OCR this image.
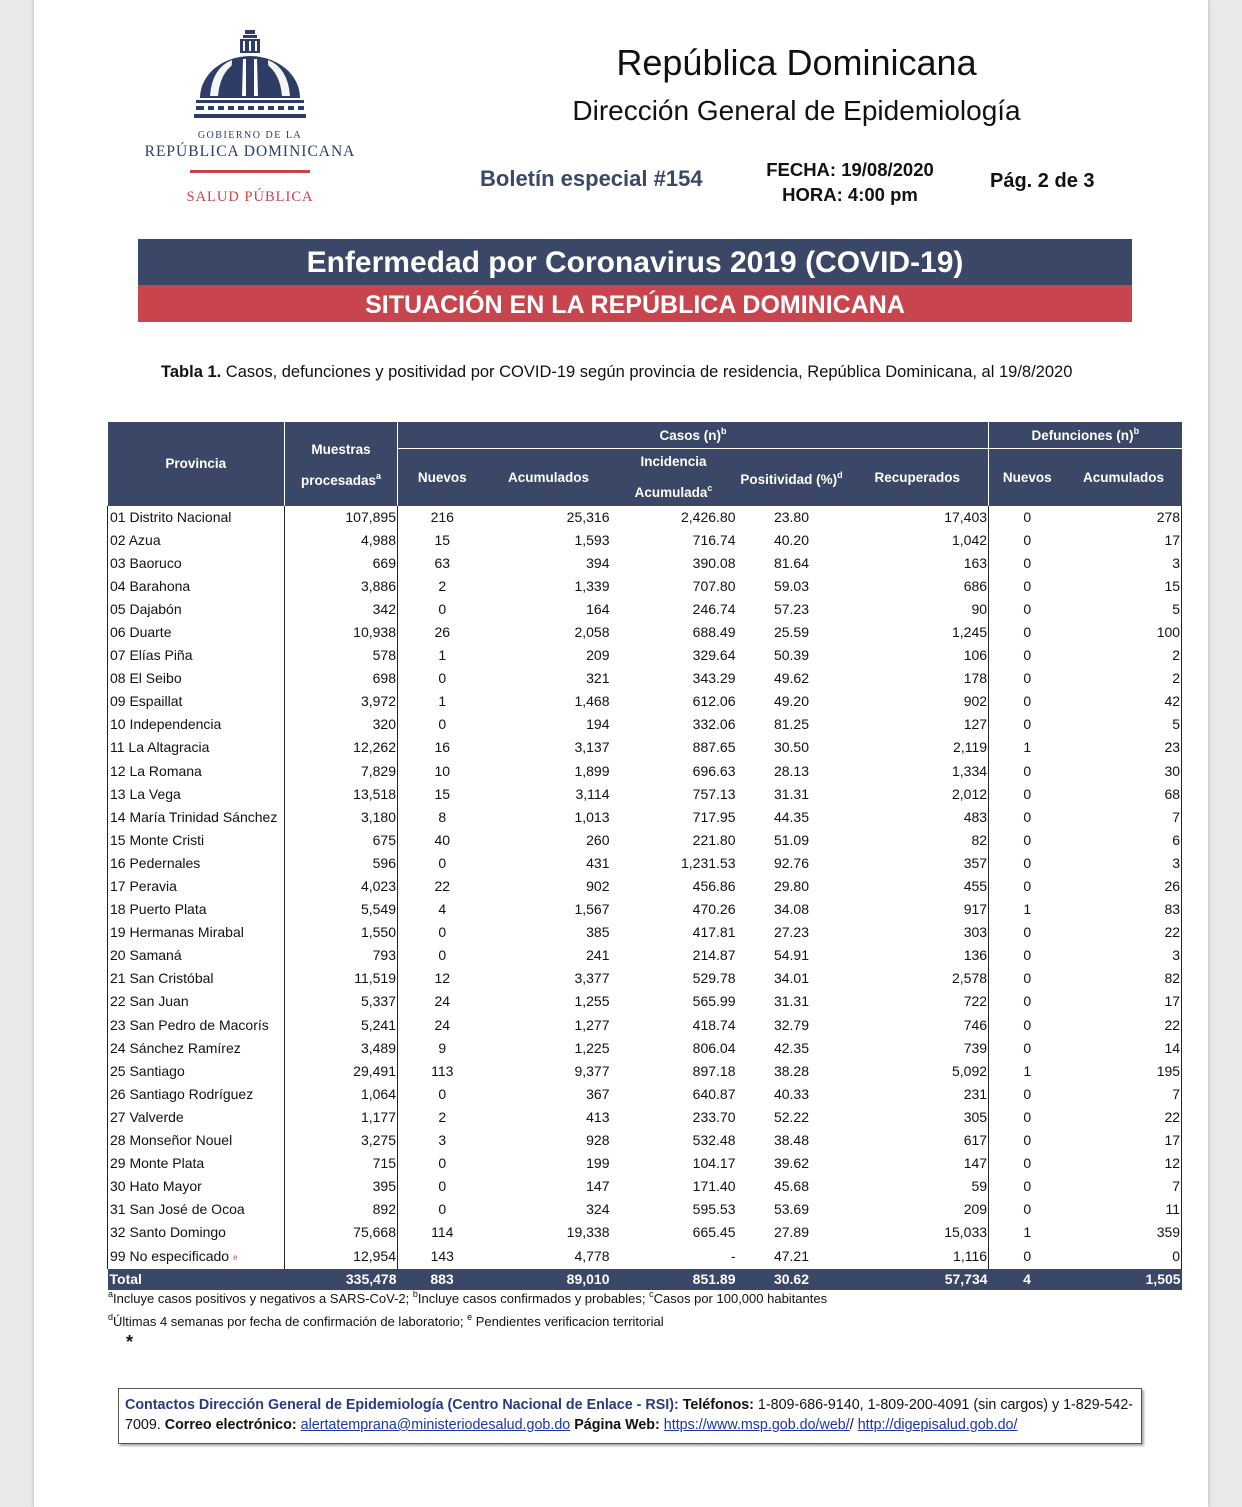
GOBIERNO DE LA
REPÚBLICA DOMINICANA
SALUD PÚBLICA
República Dominicana
Dirección General de Epidemiología
Boletín especial #154	FECHA: 19/08/2020
HORA: 4:00 pm
Pág. 2 de 3
Enfermedad por Coronavirus 2019 (COVID-19)
SITUACIÓN EN LA REPÚBLICA DOMINICANA
Tabla 1. Casos, defunciones y positividad por COVID-19 según provincia de residencia, República Dominicana, al 19/8/2020
Provincia	Muestras procesadas$^a$	Casos $(n)^b$					Defunciones $(n)^b$
		Nuevos	Acumulados	Incidencia Acumulada$^c$	Positividad (%)$^d$	Recuperados	Nuevos	Acumulados
01 Distrito Nacional	107,895	216	25,316	2,426.80	23.80	17,403	0	278
02 Azua	4,988	15	1,593	716.74	40.20	1,042	0	17
03 Baoruco	669	63	394	390.08	81.64	163	0	3
04 Barahona	3,886	2	1,339	707.80	59.03	686	0	15
05 Dajabón	342	0	164	246.74	57.23	90	0	5
06 Duarte	10,938	26	2,058	688.49	25.59	1,245	0	100
07 Elías Piña	578	1	209	329.64	50.39	106	0	2
08 El Seibo	698	0	321	343.29	49.62	178	0	2
09 Espaillat	3,972	1	1,468	612.06	49.20	902	0	42
10 Independencia	320	0	194	332.06	81.25	127	0	5
11 La Altagracia	12,262	16	3,137	887.65	30.50	2,119	1	23
12 La Romana	7,829	10	1,899	696.63	28.13	1,334	0	30
13 La Vega	13,518	15	3,114	757.13	31.31	2,012	0	68
14 María Trinidad Sánchez	3,180	8	1,013	717.95	44.35	483	0	7
15 Monte Cristi	675	40	260	221.80	51.09	82	0	6
16 Pedernales	596	0	431	1,231.53	92.76	357	0	3
17 Peravia	4,023	22	902	456.86	29.80	455	0	26
18 Puerto Plata	5,549	4	1,567	470.26	34.08	917	1	83
19 Hermanas Mirabal	1,550	0	385	417.81	27.23	303	0	22
20 Samaná	793	0	241	214.87	54.91	136	0	3
21 San Cristóbal	11,519	12	3,377	529.78	34.01	2,578	0	82
22 San Juan	5,337	24	1,255	565.99	31.31	722	0	17
23 San Pedro de Macorís	5,241	24	1,277	418.74	32.79	746	0	22
24 Sánchez Ramírez	3,489	9	1,225	806.04	42.35	739	0	14
25 Santiago	29,491	113	9,377	897.18	38.28	5,092	1	195
26 Santiago Rodríguez	1,064	0	367	640.87	40.33	231	0	7
27 Valverde	1,177	2	413	233.70	52.22	305	0	22
28 Monseñor Nouel	3,275	3	928	532.48	38.48	617	0	17
29 Monte Plata	715	0	199	104.17	39.62	147	0	12
30 Hato Mayor	395	0	147	171.40	45.68	59	0	7
31 San José de Ocoa	892	0	324	595.53	53.69	209	0	11
32 Santo Domingo	75,668	114	19,338	665.45	27.89	15,033	1	359
99 No especificado e	12,954	143	4,778	-	47.21	1,116	0	0
Total	335,478	883	89,010	851.89	30.62	57,734	4	1,505
$^a$Incluye casos positivos y negativos a SARS-CoV-2; $^b$Incluye casos confirmados y probables; $^c$Casos por 100,000 habitantes
$^d$Últimas 4 semanas por fecha de confirmación de laboratorio; $^e$ Pendientes verificacion territorial
*
Contactos Dirección General de Epidemiología (Centro Nacional de Enlace - RSI): Teléfonos: 1-809-686-9140, 1-809-200-4091 (sin cargos) y 1-829-542-7009. Correo electrónico: alertatemprana@ministeriodesalud.gob.do Página Web: https://www.msp.gob.do/web// http://digepisalud.gob.do/
